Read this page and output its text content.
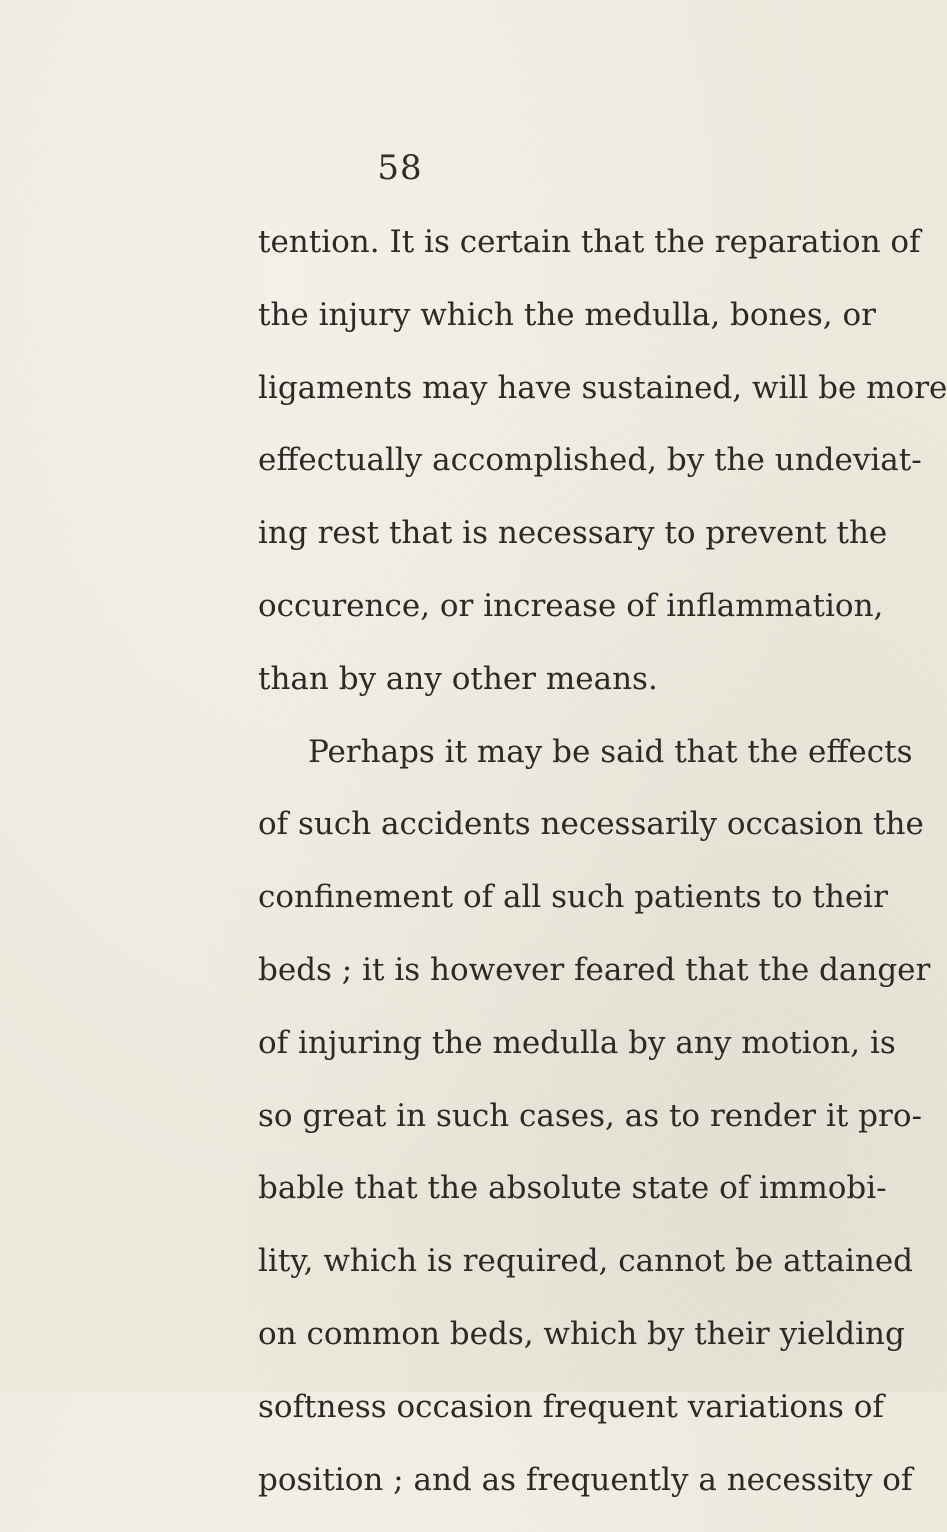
58
tention. It is certain that the reparation of
the injury which the medulla, bones, or
ligaments may have sustained, will be more
effectually accomplished, by the undeviat-
ing rest that is necessary to prevent the
occurence, or increase of inflammation,
than by any other means.
Perhaps it may be said that the effects
of such accidents necessarily occasion the
confinement of all such patients to their
beds ; it is however feared that the danger
of injuring the medulla by any motion, is
so great in such cases, as to render it pro-
bable that the absolute state of immobi-
lity, which is required, cannot be attained
on common beds, which by their yielding
softness occasion frequent variations of
position ; and as frequently a necessity of
